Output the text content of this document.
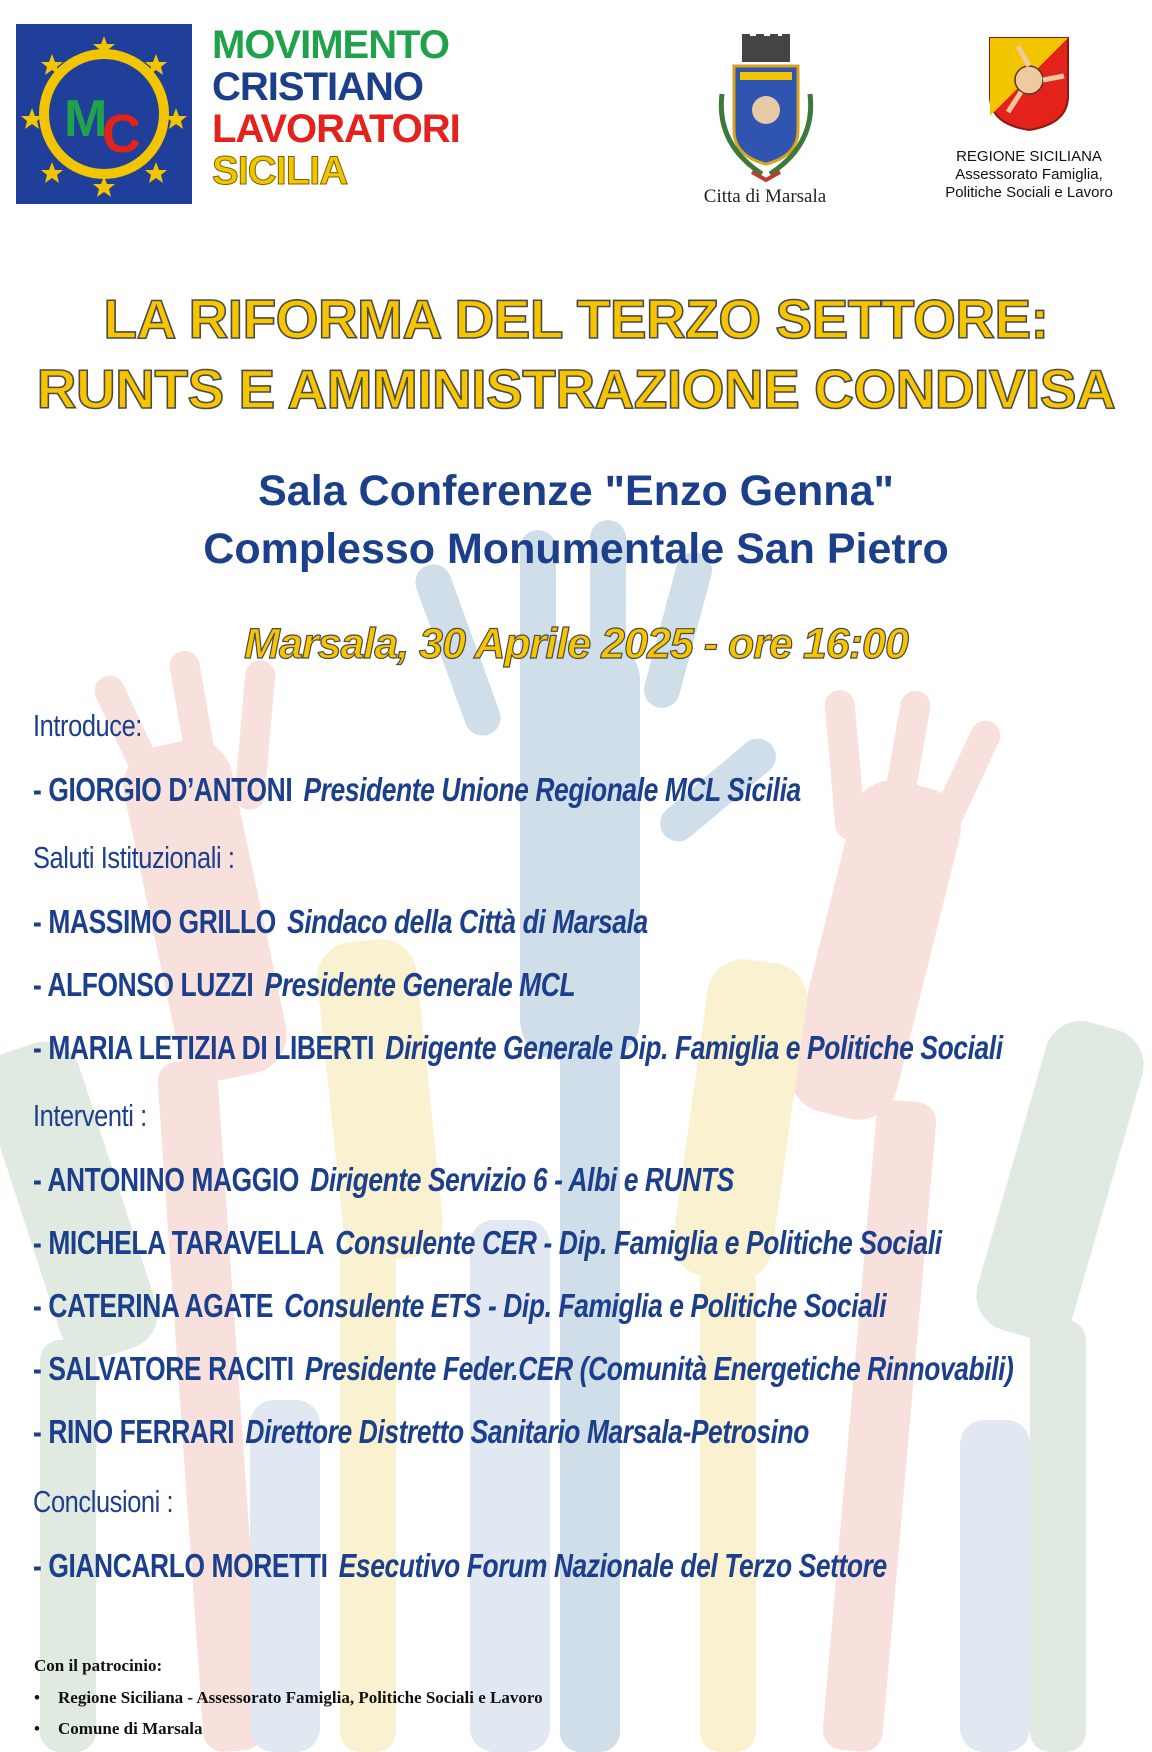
M
C
MOVIMENTO
CRISTIANO
LAVORATORI
SICILIA
Citta di Marsala
REGIONE SICILIANA
Assessorato Famiglia,
Politiche Sociali e Lavoro
LA RIFORMA DEL TERZO SETTORE:
RUNTS E AMMINISTRAZIONE CONDIVISA
Sala Conferenze "Enzo Genna"
Complesso Monumentale San Pietro
Marsala, 30 Aprile 2025 - ore 16:00
Introduce:
- GIORGIO D’ANTONI Presidente Unione Regionale MCL Sicilia
Saluti Istituzionali :
- MASSIMO GRILLO Sindaco della Città di Marsala
- ALFONSO LUZZI Presidente Generale MCL
- MARIA LETIZIA DI LIBERTI Dirigente Generale Dip. Famiglia e Politiche Sociali
Interventi :
- ANTONINO MAGGIO Dirigente Servizio 6 - Albi e RUNTS
- MICHELA TARAVELLA Consulente CER - Dip. Famiglia e Politiche Sociali
- CATERINA AGATE Consulente ETS - Dip. Famiglia e Politiche Sociali
- SALVATORE RACITI Presidente Feder.CER (Comunità Energetiche Rinnovabili)
- RINO FERRARI Direttore Distretto Sanitario Marsala-Petrosino
Conclusioni :
- GIANCARLO MORETTI Esecutivo Forum Nazionale del Terzo Settore
Con il patrocinio:
• Regione Siciliana - Assessorato Famiglia, Politiche Sociali e Lavoro
• Comune di Marsala
